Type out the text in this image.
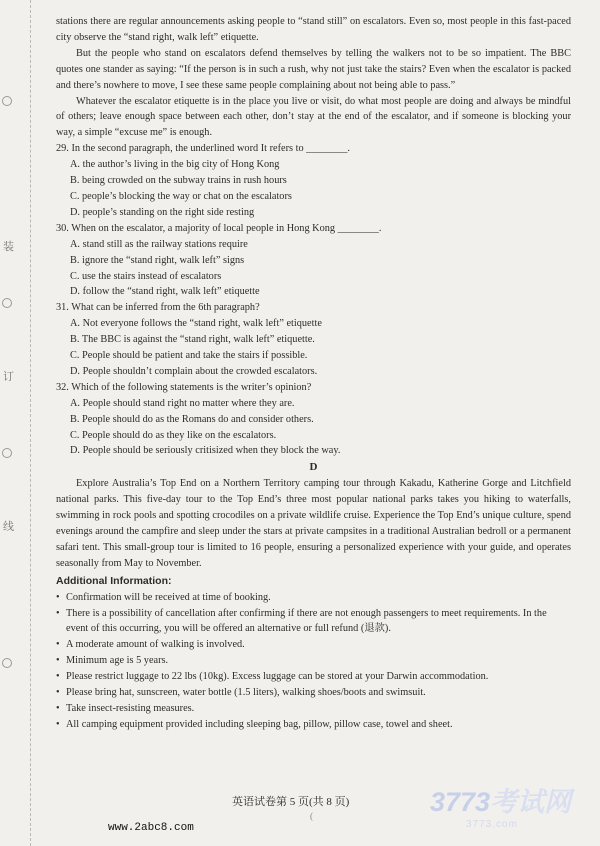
装
订
线

stations there are regular announcements asking people to “stand still” on escalators. Even so, most people in this fast-paced city observe the “stand right, walk left” etiquette.

But the people who stand on escalators defend themselves by telling the walkers not to be so impatient. The BBC quotes one stander as saying: “If the person is in such a rush, why not just take the stairs? Even when the escalator is packed and there’s nowhere to move, I see these same people complaining about not being able to pass.”

Whatever the escalator etiquette is in the place you live or visit, do what most people are doing and always be mindful of others; leave enough space between each other, don’t stay at the end of the escalator, and if someone is blocking your way, a simple “excuse me” is enough.

29. In the second paragraph, the underlined word It refers to ________.

A. the author’s living in the big city of Hong Kong
B. being crowded on the subway trains in rush hours
C. people’s blocking the way or chat on the escalators
D. people’s standing on the right side resting

30. When on the escalator, a majority of local people in Hong Kong ________.

A. stand still as the railway stations require
B. ignore the “stand right, walk left” signs
C. use the stairs instead of escalators
D. follow the “stand right, walk left” etiquette

31. What can be inferred from the 6th paragraph?

A. Not everyone follows the “stand right, walk left” etiquette
B. The BBC is against the “stand right, walk left” etiquette.
C. People should be patient and take the stairs if possible.
D. People shouldn’t complain about the crowded escalators.

32. Which of the following statements is the writer’s opinion?

A. People should stand right no matter where they are.
B. People should do as the Romans do and consider others.
C. People should do as they like on the escalators.
D. People should be seriously critisized when they block the way.

D

Explore Australia’s Top End on a Northern Territory camping tour through Kakadu, Katherine Gorge and Litchfield national parks. This five-day tour to the Top End’s three most popular national parks takes you hiking to waterfalls, swimming in rock pools and spotting crocodiles on a private wildlife cruise. Experience the Top End’s unique culture, spend evenings around the campfire and sleep under the stars at private campsites in a traditional Australian bedroll or a permanent safari tent. This small-group tour is limited to 16 people, ensuring a personalized experience with your guide, and operates seasonally from May to November.

Additional Information:

• Confirmation will be received at time of booking.
• There is a possibility of cancellation after confirming if there are not enough passengers to meet requirements. In the event of this occurring, you will be offered an alternative or full refund (退款).
• A moderate amount of walking is involved.
• Minimum age is 5 years.
• Please restrict luggage to 22 lbs (10kg). Excess luggage can be stored at your Darwin accommodation.
• Please bring hat, sunscreen, water bottle (1.5 liters), walking shoes/boots and swimsuit.
• Take insect-resisting measures.
• All camping equipment provided including sleeping bag, pillow, pillow case, towel and sheet.
英语试卷第 5 页(共 8 页)
(
www.2abc8.com
3773考试网
3773.com
